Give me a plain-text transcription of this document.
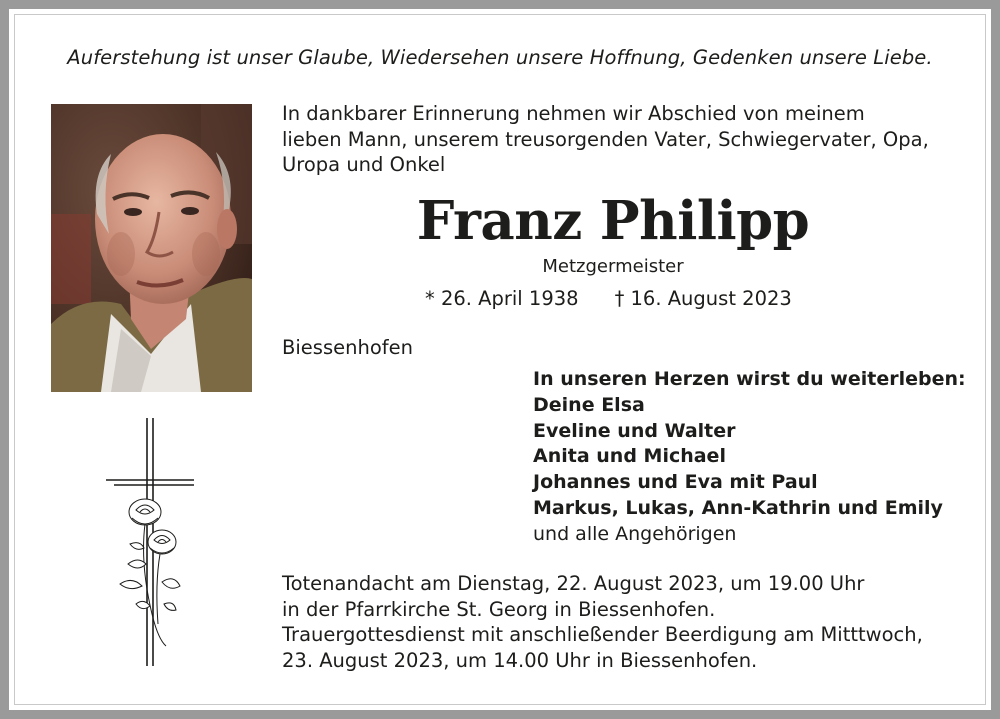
Auferstehung ist unser Glaube, Wiedersehen unsere Hoffnung, Gedenken unsere Liebe.
In dankbarer Erinnerung nehmen wir Abschied von meinem
lieben Mann, unserem treusorgenden Vater, Schwiegervater, Opa,
Uropa und Onkel
Franz Philipp
Metzgermeister
* 26. April 1938 † 16. August 2023
Biessenhofen
In unseren Herzen wirst du weiterleben:
Deine Elsa
Eveline und Walter
Anita und Michael
Johannes und Eva mit Paul
Markus, Lukas, Ann-Kathrin und Emily
und alle Angehörigen
Totenandacht am Dienstag, 22. August 2023, um 19.00 Uhr
in der Pfarrkirche St. Georg in Biessenhofen.
Trauergottesdienst mit anschließender Beerdigung am Mitttwoch,
23. August 2023, um 14.00 Uhr in Biessenhofen.
